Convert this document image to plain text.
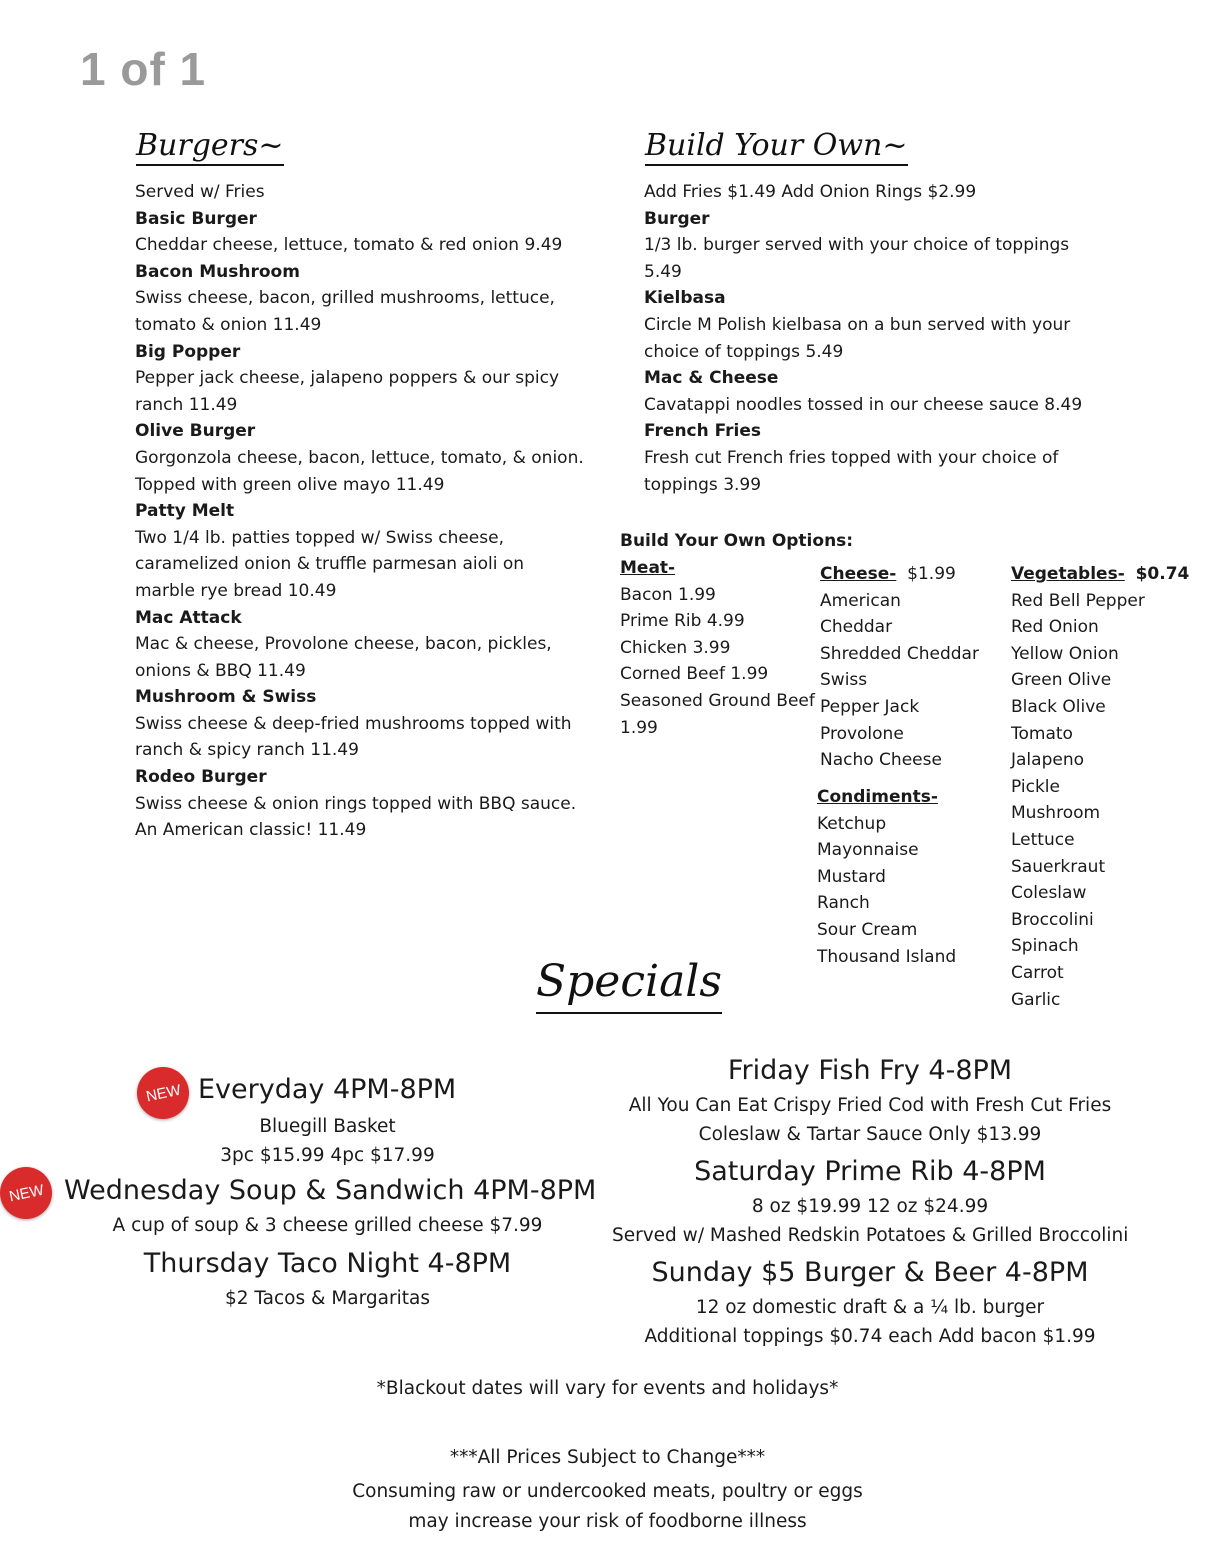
1 of 1
Burgers~
Served w/ Fries
Basic Burger
Cheddar cheese, lettuce, tomato & red onion 9.49
Bacon Mushroom
Swiss cheese, bacon, grilled mushrooms, lettuce,
tomato & onion 11.49
Big Popper
Pepper jack cheese, jalapeno poppers & our spicy
ranch 11.49
Olive Burger
Gorgonzola cheese, bacon, lettuce, tomato, & onion.
Topped with green olive mayo 11.49
Patty Melt
Two 1/4 lb. patties topped w/ Swiss cheese,
caramelized onion & truffle parmesan aioli on
marble rye bread 10.49
Mac Attack
Mac & cheese, Provolone cheese, bacon, pickles,
onions & BBQ 11.49
Mushroom & Swiss
Swiss cheese & deep-fried mushrooms topped with
ranch & spicy ranch 11.49
Rodeo Burger
Swiss cheese & onion rings topped with BBQ sauce.
An American classic! 11.49
Build Your Own~
Add Fries $1.49 Add Onion Rings $2.99
Burger
1/3 lb. burger served with your choice of toppings
5.49
Kielbasa
Circle M Polish kielbasa on a bun served with your
choice of toppings 5.49
Mac & Cheese
Cavatappi noodles tossed in our cheese sauce 8.49
French Fries
Fresh cut French fries topped with your choice of
toppings 3.99
Build Your Own Options:
Meat-
Bacon 1.99
Prime Rib 4.99
Chicken 3.99
Corned Beef 1.99
Seasoned Ground Beef
1.99
Cheese- $1.99
American
Cheddar
Shredded Cheddar
Swiss
Pepper Jack
Provolone
Nacho Cheese
Condiments-
Ketchup
Mayonnaise
Mustard
Ranch
Sour Cream
Thousand Island
Vegetables- $0.74
Red Bell Pepper
Red Onion
Yellow Onion
Green Olive
Black Olive
Tomato
Jalapeno
Pickle
Mushroom
Lettuce
Sauerkraut
Coleslaw
Broccolini
Spinach
Carrot
Garlic
Specials
NEW Everyday 4PM-8PM
Bluegill Basket
3pc $15.99 4pc $17.99
NEW Wednesday Soup & Sandwich 4PM-8PM
A cup of soup & 3 cheese grilled cheese $7.99
Thursday Taco Night 4-8PM
$2 Tacos & Margaritas
Friday Fish Fry 4-8PM
All You Can Eat Crispy Fried Cod with Fresh Cut Fries
Coleslaw & Tartar Sauce Only $13.99
Saturday Prime Rib 4-8PM
8 oz $19.99 12 oz $24.99
Served w/ Mashed Redskin Potatoes & Grilled Broccolini
Sunday $5 Burger & Beer 4-8PM
12 oz domestic draft & a ¼ lb. burger
Additional toppings $0.74 each Add bacon $1.99
*Blackout dates will vary for events and holidays*
***All Prices Subject to Change***
Consuming raw or undercooked meats, poultry or eggs
may increase your risk of foodborne illness
